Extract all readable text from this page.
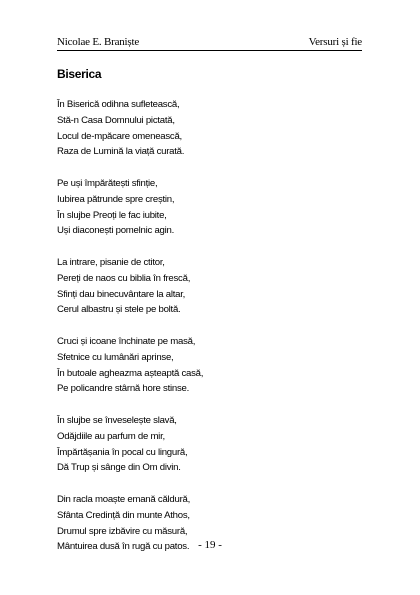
Nicolae E. Braniște	Versuri și fie
Biserica
În Biserică odihna sufletească,
Stă-n Casa Domnului pictată,
Locul de-mpăcare omenească,
Raza de Lumină la viață curată.
Pe uși împărătești sfinție,
Iubirea pătrunde spre creștin,
În slujbe Preoți le fac iubite,
Uși diaconești pomelnic agin.
La intrare, pisanie de ctitor,
Pereți de naos cu biblia în frescă,
Sfinți dau binecuvântare la altar,
Cerul albastru și stele pe boltă.
Cruci și icoane închinate pe masă,
Sfetnice cu lumânări aprinse,
În butoale agheazma așteaptă casă,
Pe policandre stârnă hore stinse.
În slujbe se înveselește slavă,
Odăjdiile au parfum de mir,
Împărtășania în pocal cu lingură,
Dă Trup și sânge din Om divin.
Din racla moaște emană căldură,
Sfânta Credință din munte Athos,
Drumul spre izbăvire cu măsură,
Mântuirea dusă în rugă cu patos. - 19 -
